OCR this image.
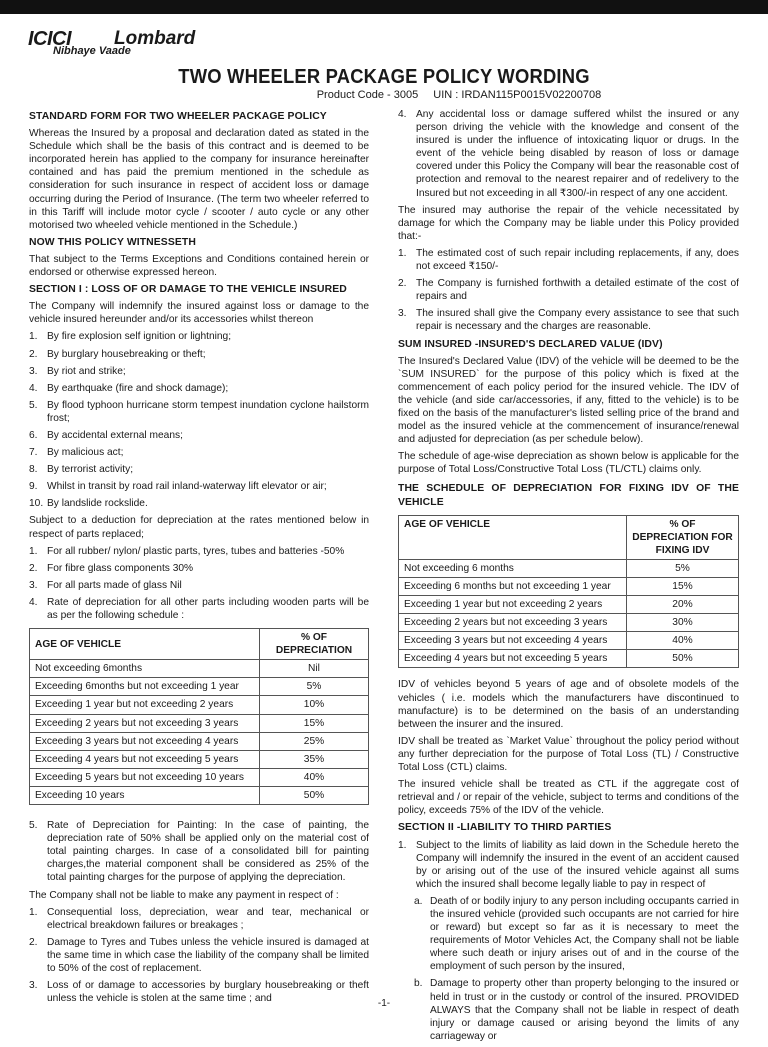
ICICI Lombard
Nibhaye Vaade
TWO WHEELER PACKAGE POLICY WORDING
Product Code - 3005 UIN : IRDAN115P0015V02200708
STANDARD FORM FOR TWO WHEELER PACKAGE POLICY

Whereas the Insured by a proposal and declaration dated as stated in the Schedule which shall be the basis of this contract and is deemed to be incorporated herein has applied to the company for insurance hereinafter contained and has paid the premium mentioned in the schedule as consideration for such insurance in respect of accident loss or damage occurring during the Period of Insurance. (The term two wheeler referred to in this Tariff will include motor cycle / scooter / auto cycle or any other motorised two wheeled vehicle mentioned in the Schedule.)

NOW THIS POLICY WITNESSETH

That subject to the Terms Exceptions and Conditions contained herein or endorsed or otherwise expressed hereon.

SECTION I : LOSS OF OR DAMAGE TO THE VEHICLE INSURED

The Company will indemnify the insured against loss or damage to the vehicle insured hereunder and/or its accessories whilst thereon

1. By fire explosion self ignition or lightning;
2. By burglary housebreaking or theft;
3. By riot and strike;
4. By earthquake (fire and shock damage);
5. By flood typhoon hurricane storm tempest inundation cyclone hailstorm frost;
6. By accidental external means;
7. By malicious act;
8. By terrorist activity;
9. Whilst in transit by road rail inland-waterway lift elevator or air;
10. By landslide rockslide.

Subject to a deduction for depreciation at the rates mentioned below in respect of parts replaced;

1. For all rubber/ nylon/ plastic parts, tyres, tubes and batteries -50%
2. For fibre glass components 30%
3. For all parts made of glass Nil
4. Rate of depreciation for all other parts including wooden parts will be as per the following schedule :
AGE OF VEHICLE	% OF DEPRECIATION
Not exceeding 6months	Nil
Exceeding 6months but not exceeding 1 year	5%
Exceeding 1 year but not exceeding 2 years	10%
Exceeding 2 years but not exceeding 3 years	15%
Exceeding 3 years but not exceeding 4 years	25%
Exceeding 4 years but not exceeding 5 years	35%
Exceeding 5 years but not exceeding 10 years	40%
Exceeding 10 years	50%
5. Rate of Depreciation for Painting: In the case of painting, the depreciation rate of 50% shall be applied only on the material cost of total painting charges. In case of a consolidated bill for painting charges,the material component shall be considered as 25% of the total painting charges for the purpose of applying the depreciation.

The Company shall not be liable to make any payment in respect of :

1. Consequential loss, depreciation, wear and tear, mechanical or electrical breakdown failures or breakages ;
2. Damage to Tyres and Tubes unless the vehicle insured is damaged at the same time in which case the liability of the company shall be limited to 50% of the cost of replacement.
3. Loss of or damage to accessories by burglary housebreaking or theft unless the vehicle is stolen at the same time ; and
4. Any accidental loss or damage suffered whilst the insured or any person driving the vehicle with the knowledge and consent of the insured is under the influence of intoxicating liquor or drugs. In the event of the vehicle being disabled by reason of loss or damage covered under this Policy the Company will bear the reasonable cost of protection and removal to the nearest repairer and of redelivery to the Insured but not exceeding in all ₹300/-in respect of any one accident.

The insured may authorise the repair of the vehicle necessitated by damage for which the Company may be liable under this Policy provided that:-

1. The estimated cost of such repair including replacements, if any, does not exceed ₹150/-
2. The Company is furnished forthwith a detailed estimate of the cost of repairs and
3. The insured shall give the Company every assistance to see that such repair is necessary and the charges are reasonable.
SUM INSURED -INSURED'S DECLARED VALUE (IDV)

The Insured's Declared Value (IDV) of the vehicle will be deemed to be the `SUM INSURED` for the purpose of this policy which is fixed at the commencement of each policy period for the insured vehicle. The IDV of the vehicle (and side car/accessories, if any, fitted to the vehicle) is to be fixed on the basis of the manufacturer's listed selling price of the brand and model as the insured vehicle at the commencement of insurance/renewal and adjusted for depreciation (as per schedule below).

The schedule of age-wise depreciation as shown below is applicable for the purpose of Total Loss/Constructive Total Loss (TL/CTL) claims only.

THE SCHEDULE OF DEPRECIATION FOR FIXING IDV OF THE VEHICLE
AGE OF VEHICLE	% OF DEPRECIATION FOR FIXING IDV
Not exceeding 6 months	5%
Exceeding 6 months but not exceeding 1 year	15%
Exceeding 1 year but not exceeding 2 years	20%
Exceeding 2 years but not exceeding 3 years	30%
Exceeding 3 years but not exceeding 4 years	40%
Exceeding 4 years but not exceeding 5 years	50%

IDV of vehicles beyond 5 years of age and of obsolete models of the vehicles ( i.e. models which the manufacturers have discontinued to manufacture) is to be determined on the basis of an understanding between the insurer and the insured.

IDV shall be treated as `Market Value` throughout the policy period without any further depreciation for the purpose of Total Loss (TL) / Constructive Total Loss (CTL) claims.

The insured vehicle shall be treated as CTL if the aggregate cost of retrieval and / or repair of the vehicle, subject to terms and conditions of the policy, exceeds 75% of the IDV of the vehicle.

SECTION II -LIABILITY TO THIRD PARTIES
1. Subject to the limits of liability as laid down in the Schedule hereto the Company will indemnify the insured in the event of an accident caused by or arising out of the use of the insured vehicle against all sums which the insured shall become legally liable to pay in respect of
a. Death of or bodily injury to any person including occupants carried in the insured vehicle (provided such occupants are not carried for hire or reward) but except so far as it is necessary to meet the requirements of Motor Vehicles Act, the Company shall not be liable where such death or injury arises out of and in the course of the employment of such person by the insured,
b. Damage to property other than property belonging to the insured or held in trust or in the custody or control of the insured. PROVIDED ALWAYS that the Company shall not be liable in respect of death injury or damage caused or arising beyond the limits of any carriageway or
-1-
